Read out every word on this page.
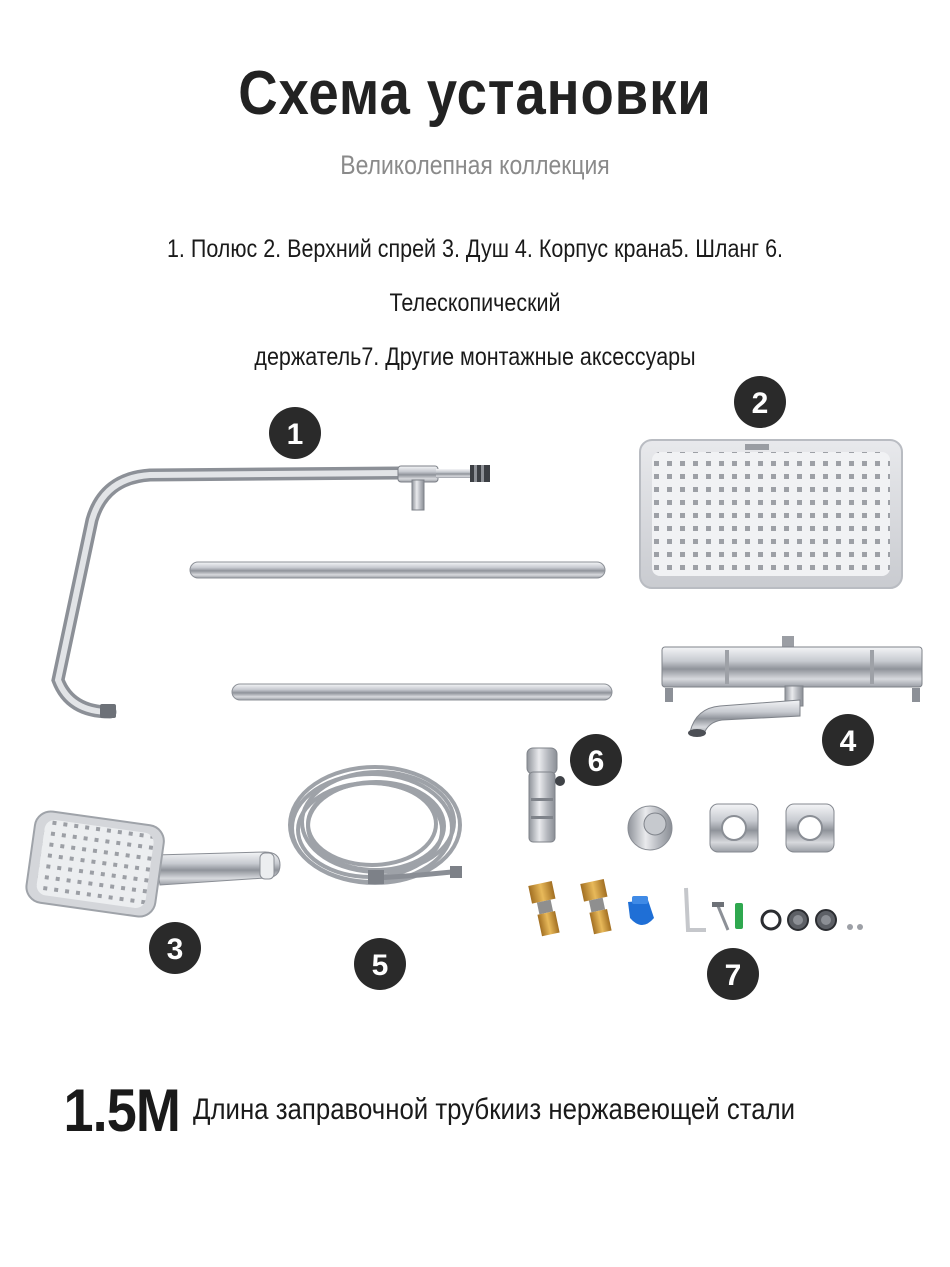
Схема установки
Великолепная коллекция
1. Полюс 2. Верхний спрей 3. Душ 4. Корпус крана5. Шланг 6. Телескопический
держатель7. Другие монтажные аксессуары
1
2
3
4
5
6
7
1.5M Длина заправочной трубкииз нержавеющей стали
